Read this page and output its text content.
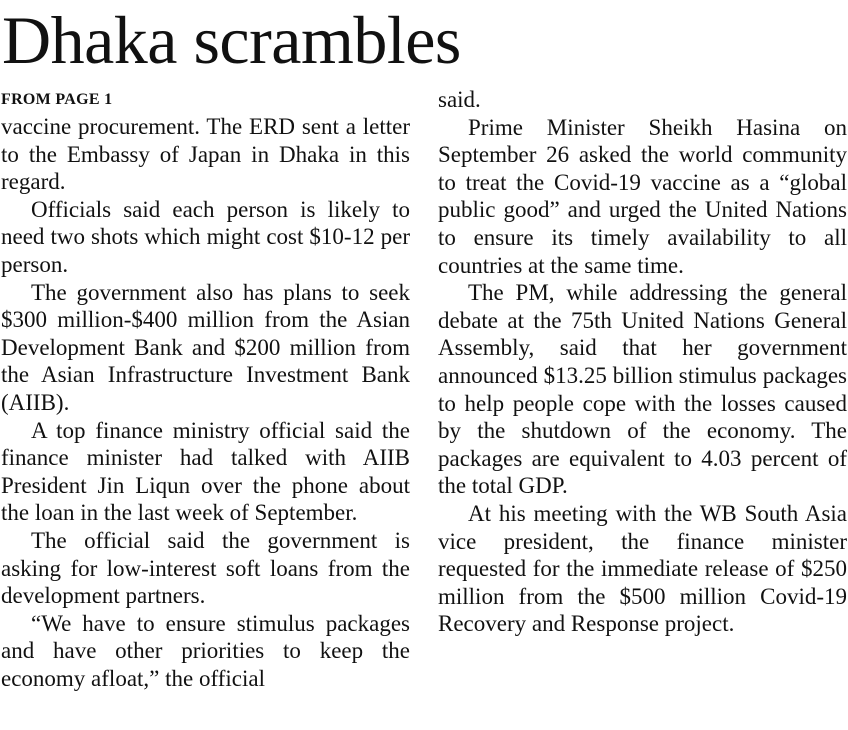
Dhaka scrambles
FROM PAGE 1

vaccine procurement. The ERD sent a letter to the Embassy of Japan in Dhaka in this regard.

Officials said each person is likely to need two shots which might cost $10-12 per person.

The government also has plans to seek $300 million-$400 million from the Asian Development Bank and $200 million from the Asian Infrastructure Investment Bank (AIIB).

A top finance ministry official said the finance minister had talked with AIIB President Jin Liqun over the phone about the loan in the last week of September.

The official said the government is asking for low-interest soft loans from the development partners.

“We have to ensure stimulus packages and have other priorities to keep the economy afloat,” the official

said.

Prime Minister Sheikh Hasina on September 26 asked the world community to treat the Covid-19 vaccine as a “global public good” and urged the United Nations to ensure its timely availability to all countries at the same time.

The PM, while addressing the general debate at the 75th United Nations General Assembly, said that her government announced $13.25 billion stimulus packages to help people cope with the losses caused by the shutdown of the economy. The packages are equivalent to 4.03 percent of the total GDP.

At his meeting with the WB South Asia vice president, the finance minister requested for the immediate release of $250 million from the $500 million Covid-19 Recovery and Response project.
